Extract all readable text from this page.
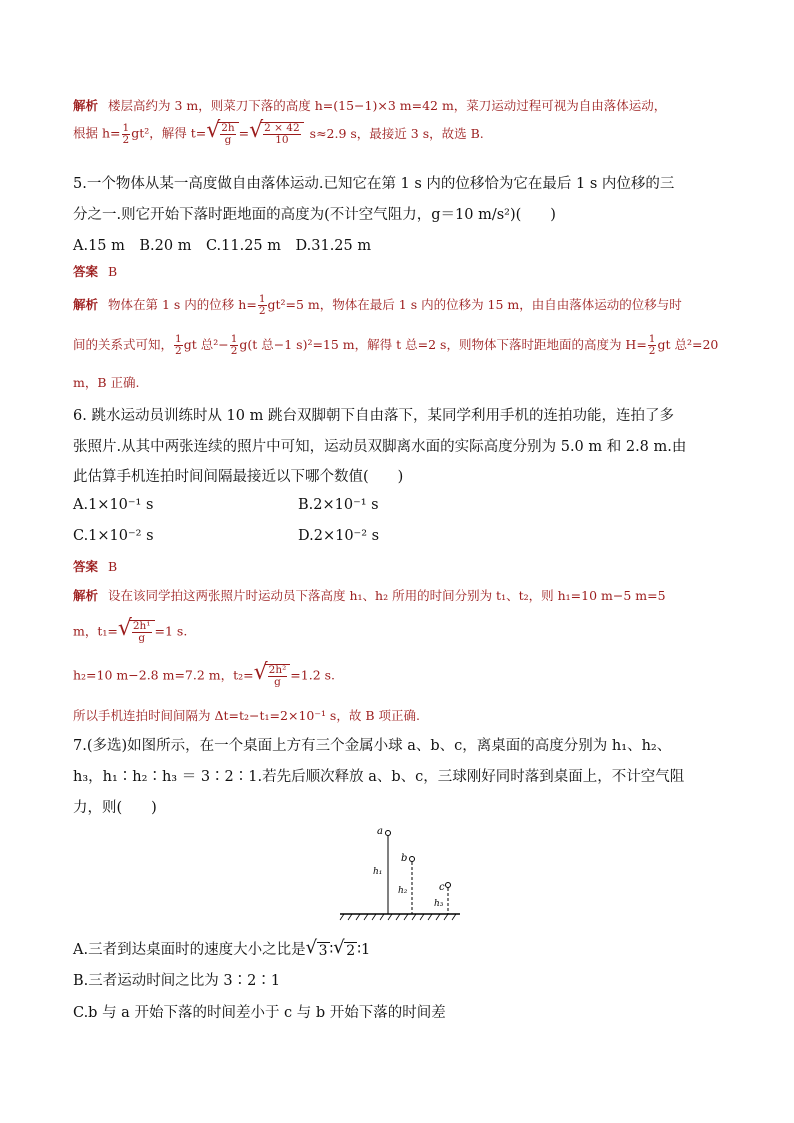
解析 楼层高约为 3 m，则菜刀下落的高度 h=(15−1)×3 m=42 m，菜刀运动过程可视为自由落体运动，
根据 $h= \frac{1}{2} gt^2$，解得 t= √ $\frac{2h}{g}$ = √ $\frac{2 \times 42}{10} s\approx 2.9$ s，最接近 3 s，故选 B.
5.一个物体从某一高度做自由落体运动.已知它在第 1 s 内的位移恰为它在最后 1 s 内位移的三
分之一.则它开始下落时距地面的高度为(不计空气阻力，g＝10 m/s²)(　　)
A.15 m　B.20 m　C.11.25 m　D.31.25 m
答案 B
解析 物体在第 1 s 内的位移 $h= \frac{1}{2} gt^2=5$ m，物体在最后 1 s 内的位移为 15 m，由自由落体运动的位移与时
间的关系式可知， $\frac{1}{2}$ gt 总$^2- \frac{1}{2} g(t$ 总−1 s)²=15 m，解得 t 总=2 s，则物体下落时距地面的高度为 $H= \frac{1}{2}$ gt 总²=20
m，B 正确.
6. 跳水运动员训练时从 10 m 跳台双脚朝下自由落下，某同学利用手机的连拍功能，连拍了多
张照片.从其中两张连续的照片中可知，运动员双脚离水面的实际高度分别为 5.0 m 和 2.8 m.由
此估算手机连拍时间间隔最接近以下哪个数值(　　)
A.1×10⁻¹ s	B.2×10⁻¹ s
C.1×10⁻² s	D.2×10⁻² s
答案 B
解析 设在该同学拍这两张照片时运动员下落高度 h₁、h₂ 所用的时间分别为 t₁、t₂，则 h₁=10 m−5 m=5
m，t₁= √ $\frac{\text{2h¹}}{g} =1$ s.
h₂=10 m−2.8 m=7.2 m，t₂= √ $\frac{\text{2h²}}{g} =1.2$ s.
所以手机连拍时间间隔为 Δt=t₂−t₁=2×10⁻¹ s，故 B 项正确.
7.(多选)如图所示，在一个桌面上方有三个金属小球 a、b、c，离桌面的高度分别为 h₁、h₂、
h₃，h₁∶h₂∶h₃ ＝ 3∶2∶1.若先后顺次释放 a、b、c，三球刚好同时落到桌面上，不计空气阻
力，则(　　)
a
b
c
h₁
h₂
h₃
A.三者到达桌面时的速度大小之比是 √ 3 ∶ √ 2 ∶1
B.三者运动时间之比为 3∶2∶1
C.b 与 a 开始下落的时间差小于 c 与 b 开始下落的时间差
